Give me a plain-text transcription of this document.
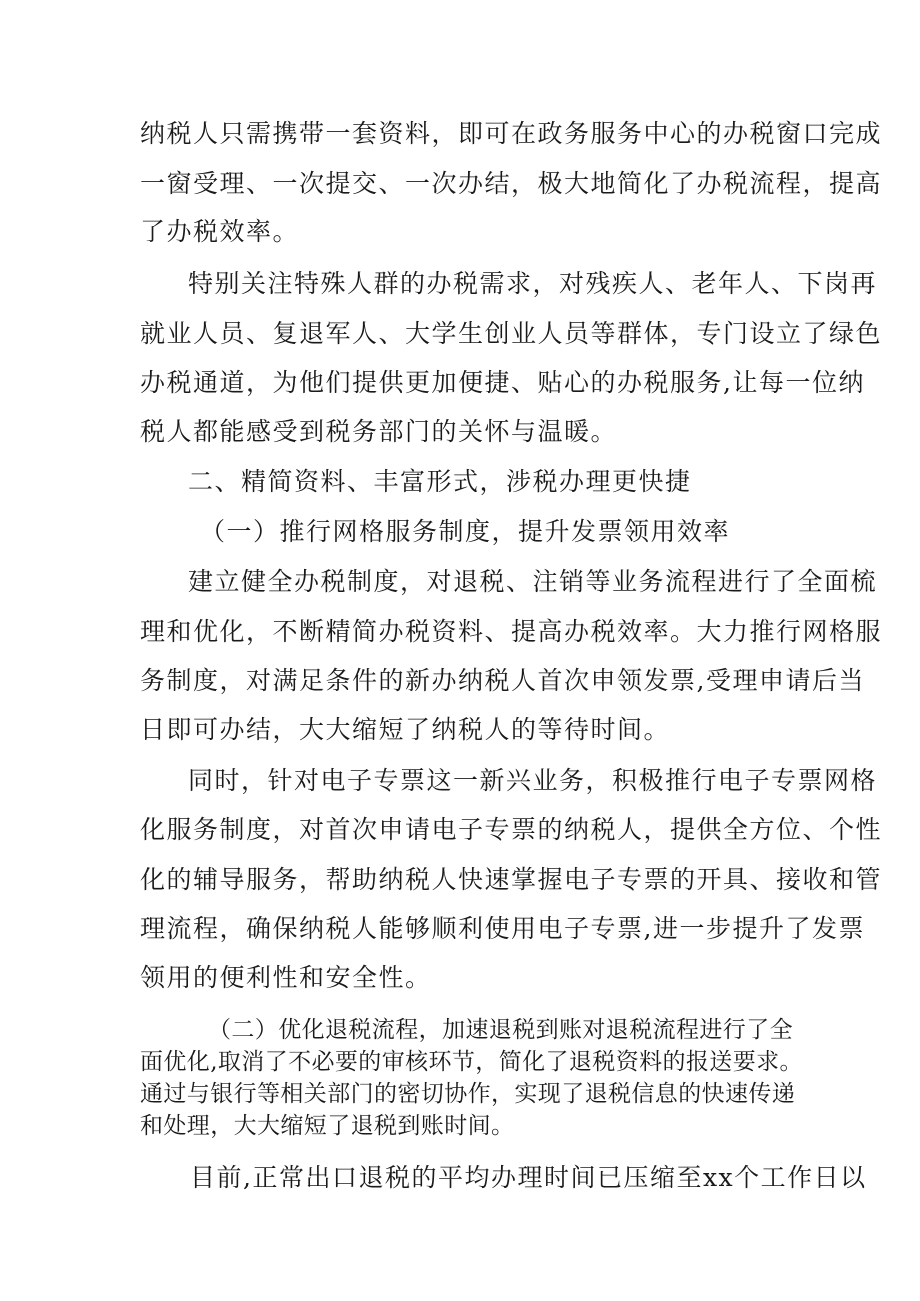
纳税人只需携带一套资料，即可在政务服务中心的办税窗口完成
一窗受理、一次提交、一次办结，极大地简化了办税流程，提高
了办税效率。
特别关注特殊人群的办税需求，对残疾人、老年人、下岗再
就业人员、复退军人、大学生创业人员等群体，专门设立了绿色
办税通道，为他们提供更加便捷、贴心的办税服务,让每一位纳
税人都能感受到税务部门的关怀与温暖。
二、精简资料、丰富形式，涉税办理更快捷
（一）推行网格服务制度，提升发票领用效率
建立健全办税制度，对退税、注销等业务流程进行了全面梳
理和优化，不断精简办税资料、提高办税效率。大力推行网格服
务制度，对满足条件的新办纳税人首次申领发票,受理申请后当
日即可办结，大大缩短了纳税人的等待时间。
同时，针对电子专票这一新兴业务，积极推行电子专票网格
化服务制度，对首次申请电子专票的纳税人，提供全方位、个性
化的辅导服务，帮助纳税人快速掌握电子专票的开具、接收和管
理流程，确保纳税人能够顺利使用电子专票,进一步提升了发票
领用的便利性和安全性。
（二）优化退税流程，加速退税到账对退税流程进行了全
面优化,取消了不必要的审核环节，简化了退税资料的报送要求。
通过与银行等相关部门的密切协作，实现了退税信息的快速传递
和处理，大大缩短了退税到账时间。
目前,正常出口退税的平均办理时间已压缩至xx个工作日以
